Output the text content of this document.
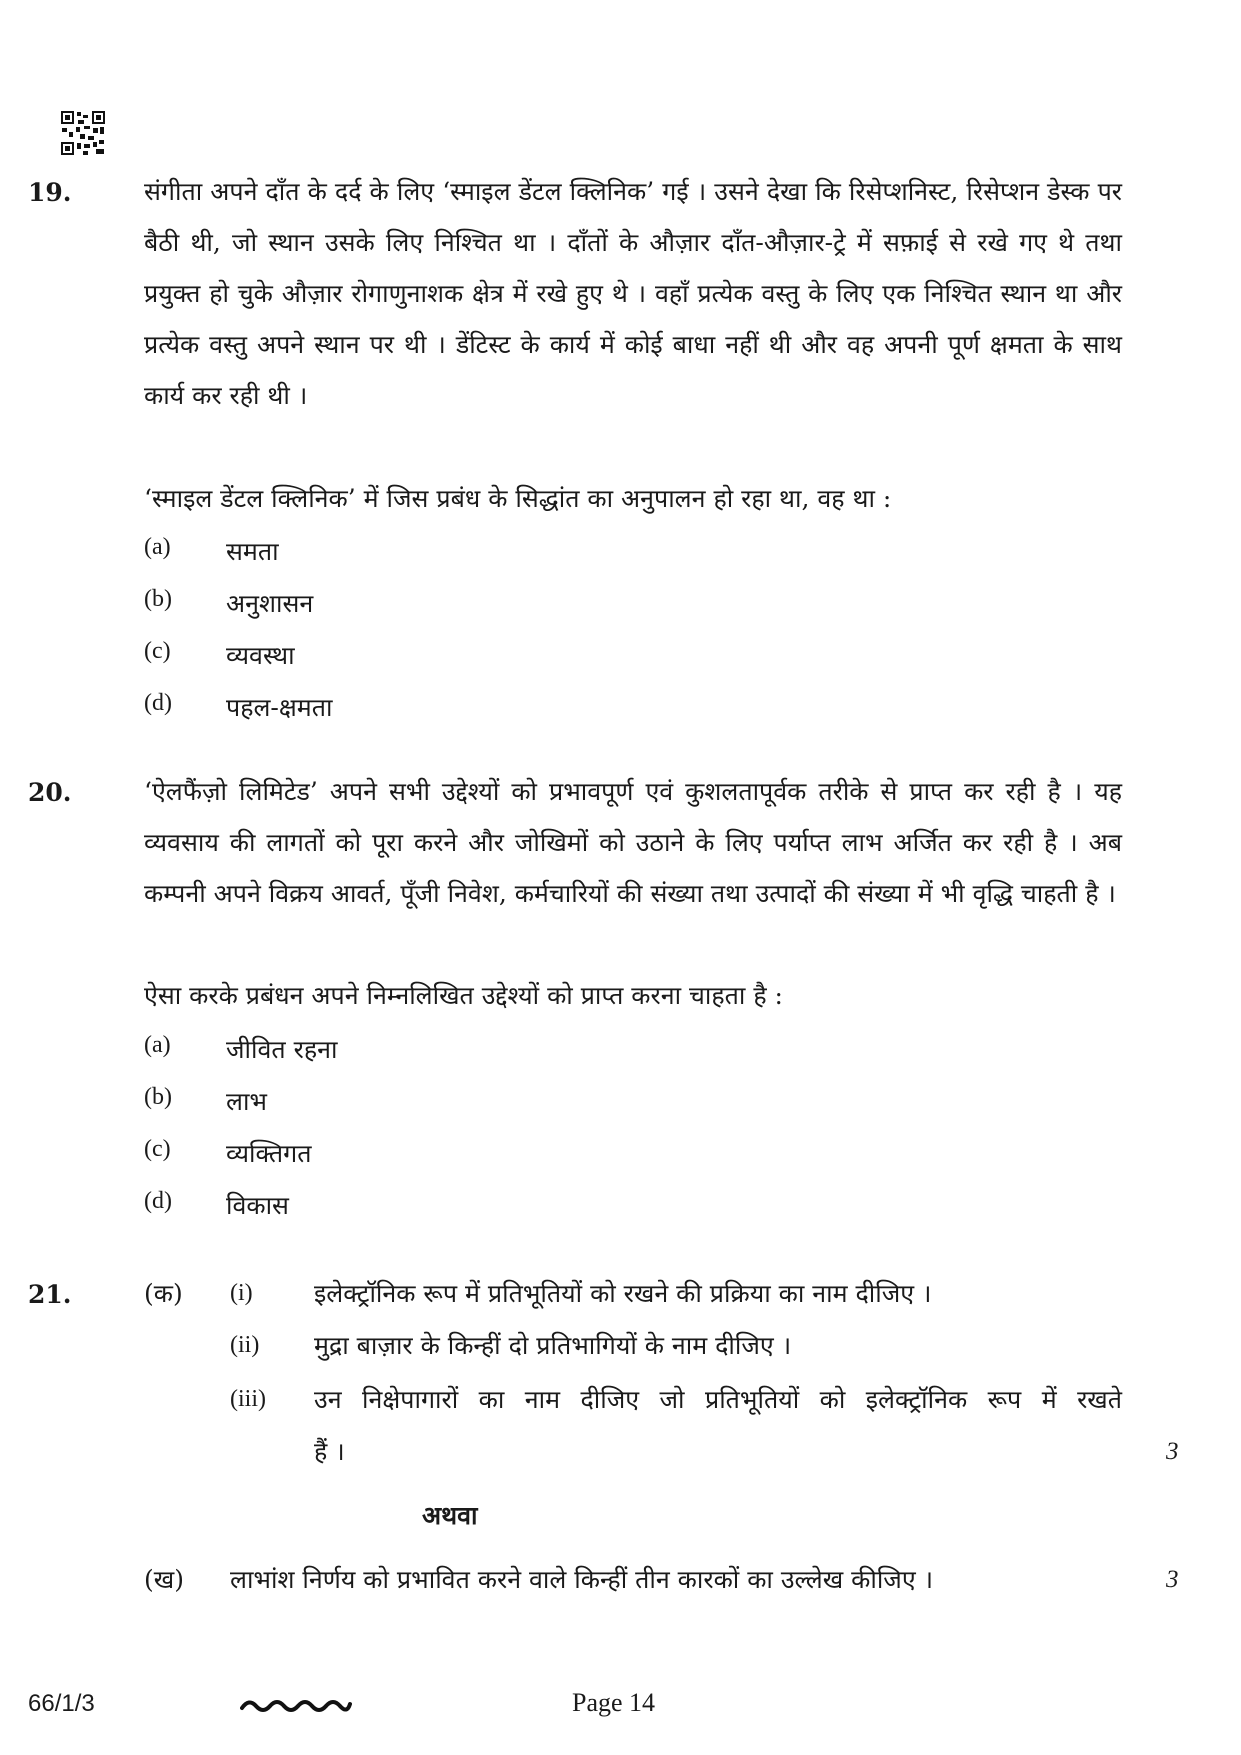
19.	संगीता अपने दाँत के दर्द के लिए ‘स्माइल डेंटल क्लिनिक’ गई । उसने देखा कि रिसेप्शनिस्ट, रिसेप्शन डेस्क पर बैठी थी, जो स्थान उसके लिए निश्चित था । दाँतों के औज़ार दाँत-औज़ार-ट्रे में सफ़ाई से रखे गए थे तथा प्रयुक्त हो चुके औज़ार रोगाणुनाशक क्षेत्र में रखे हुए थे । वहाँ प्रत्येक वस्तु के लिए एक निश्चित स्थान था और प्रत्येक वस्तु अपने स्थान पर थी । डेंटिस्ट के कार्य में कोई बाधा नहीं थी और वह अपनी पूर्ण क्षमता के साथ कार्य कर रही थी ।

‘स्माइल डेंटल क्लिनिक’ में जिस प्रबंध के सिद्धांत का अनुपालन हो रहा था, वह था :

(a) समता
(b) अनुशासन
(c) व्यवस्था
(d) पहल-क्षमता
20.	‘ऐलफैंज़ो लिमिटेड’ अपने सभी उद्देश्यों को प्रभावपूर्ण एवं कुशलतापूर्वक तरीके से प्राप्त कर रही है । यह व्यवसाय की लागतों को पूरा करने और जोखिमों को उठाने के लिए पर्याप्त लाभ अर्जित कर रही है । अब कम्पनी अपने विक्रय आवर्त, पूँजी निवेश, कर्मचारियों की संख्या तथा उत्पादों की संख्या में भी वृद्धि चाहती है ।

ऐसा करके प्रबंधन अपने निम्नलिखित उद्देश्यों को प्राप्त करना चाहता है :

(a) जीवित रहना
(b) लाभ
(c) व्यक्तिगत
(d) विकास
21.	(क) (i) इलेक्ट्रॉनिक रूप में प्रतिभूतियों को रखने की प्रक्रिया का नाम दीजिए ।
(ii) मुद्रा बाज़ार के किन्हीं दो प्रतिभागियों के नाम दीजिए ।
(iii) उन निक्षेपागारों का नाम दीजिए जो प्रतिभूतियों को इलेक्ट्रॉनिक रूप में रखते
हैं ।	3
अथवा
(ख) लाभांश निर्णय को प्रभावित करने वाले किन्हीं तीन कारकों का उल्लेख कीजिए ।	3
66/1/3	Page 14
